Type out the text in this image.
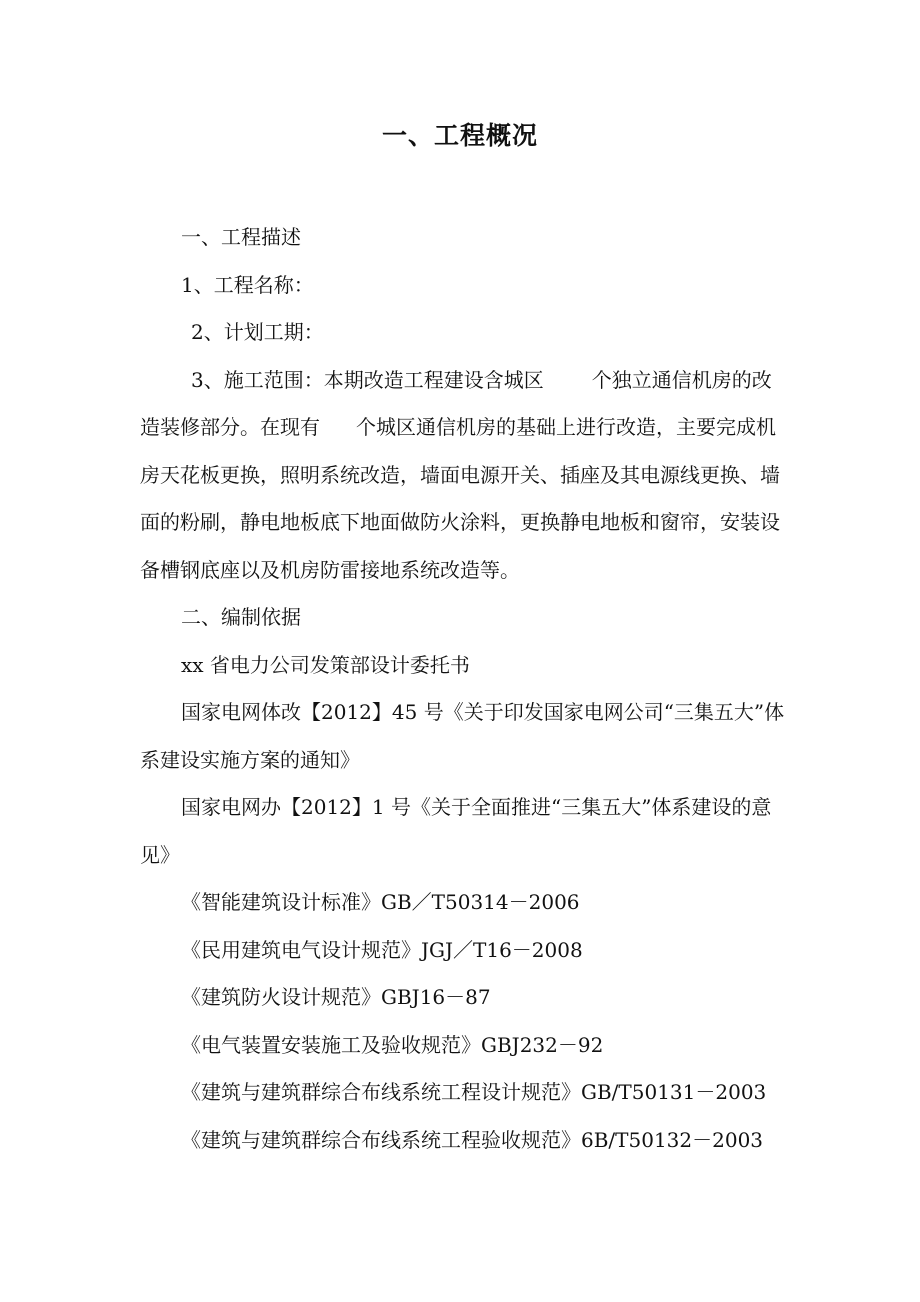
一、工程概况

一、工程描述

1、工程名称：

2、计划工期：

3、施工范围：本期改造工程建设含城区 个独立通信机房的改造装修部分。在现有 个城区通信机房的基础上进行改造，主要完成机房天花板更换，照明系统改造，墙面电源开关、插座及其电源线更换、墙面的粉刷，静电地板底下地面做防火涂料，更换静电地板和窗帘，安装设备槽钢底座以及机房防雷接地系统改造等。

二、编制依据

xx 省电力公司发策部设计委托书

国家电网体改【2012】45 号《关于印发国家电网公司“三集五大”体系建设实施方案的通知》

国家电网办【2012】1 号《关于全面推进“三集五大”体系建设的意见》

《智能建筑设计标准》GB／T50314－2006

《民用建筑电气设计规范》JGJ／T16－2008

《建筑防火设计规范》GBJ16－87

《电气装置安装施工及验收规范》GBJ232－92

《建筑与建筑群综合布线系统工程设计规范》GB/T50131－2003

《建筑与建筑群综合布线系统工程验收规范》6B/T50132－2003
